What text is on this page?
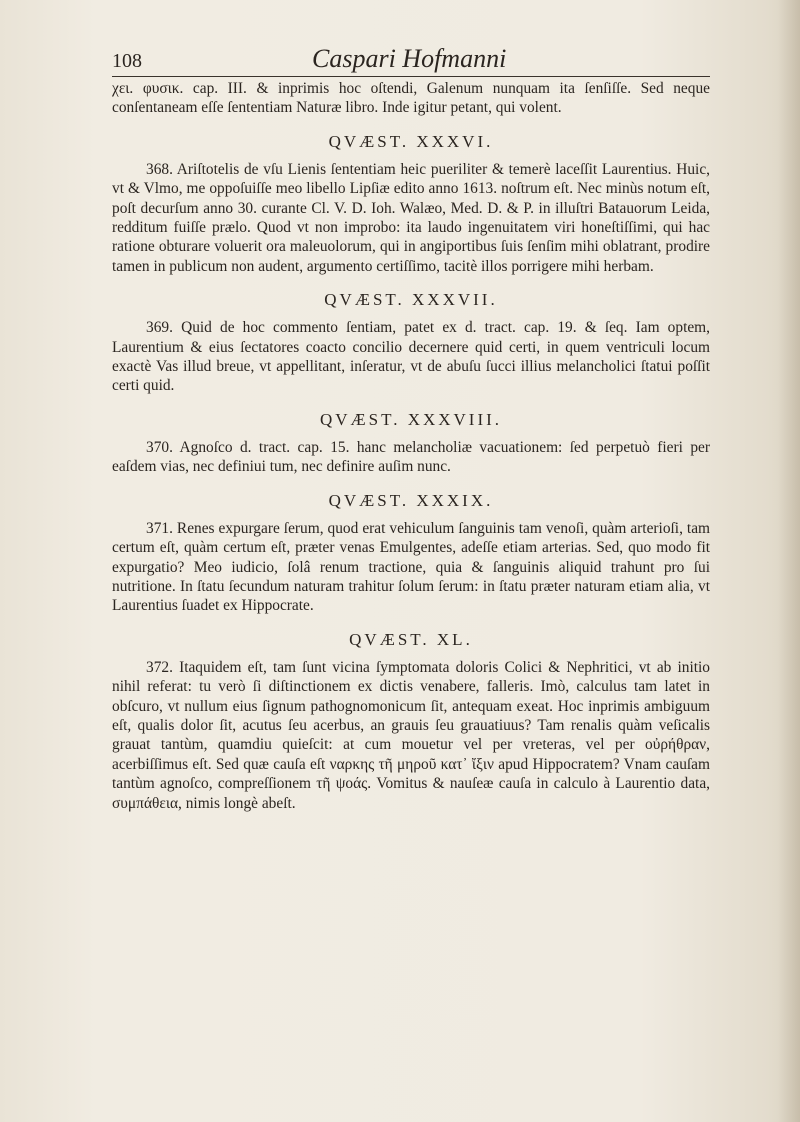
108	Caspari Hofmanni

χει. φυσικ. cap. III. & inprimis hoc oſtendi, Galenum nunquam ita ſenſiſſe. Sed neque conſentaneam eſſe ſententiam Naturæ libro. Inde igitur petant, qui volent.

QVÆST. XXXVI.

368. Ariſtotelis de vſu Lienis ſententiam heic pueriliter & temerè laceſſit Laurentius. Huic, vt & Vlmo, me oppoſuiſſe meo libello Lipſiæ edito anno 1613. noſtrum eſt. Nec minùs notum eſt, poſt decurſum anno 30. curante Cl. V. D. Ioh. Walæo, Med. D. & P. in illuſtri Batauorum Leida, redditum fuiſſe prælo. Quod vt non improbo: ita laudo ingenuitatem viri honeſtiſſimi, qui hac ratione obturare voluerit ora maleuolorum, qui in angiportibus ſuis ſenſim mihi oblatrant, prodire tamen in publicum non audent, argumento certiſſimo, tacitè illos porrigere mihi herbam.

QVÆST. XXXVII.

369. Quid de hoc commento ſentiam, patet ex d. tract. cap. 19. & ſeq. Iam optem, Laurentium & eius ſectatores coacto concilio decernere quid certi, in quem ventriculi locum exactè Vas illud breue, vt appellitant, inſeratur, vt de abuſu ſucci illius melancholici ſtatui poſſit certi quid.

QVÆST. XXXVIII.

370. Agnoſco d. tract. cap. 15. hanc melancholiæ vacuationem: ſed perpetuò fieri per eaſdem vias, nec definiui tum, nec definire auſim nunc.

QVÆST. XXXIX.

371. Renes expurgare ſerum, quod erat vehiculum ſanguinis tam venoſi, quàm arterioſi, tam certum eſt, quàm certum eſt, præter venas Emulgentes, adeſſe etiam arterias. Sed, quo modo fit expurgatio? Meo iudicio, ſolâ renum tractione, quia & ſanguinis aliquid trahunt pro ſui nutritione. In ſtatu ſecundum naturam trahitur ſolum ſerum: in ſtatu præter naturam etiam alia, vt Laurentius ſuadet ex Hippocrate.

QVÆST. XL.

372. Itaquidem eſt, tam ſunt vicina ſymptomata doloris Colici & Nephritici, vt ab initio nihil referat: tu verò ſi diſtinctionem ex dictis venabere, falleris. Imò, calculus tam latet in obſcuro, vt nullum eius ſignum pathognomonicum ſit, antequam exeat. Hoc inprimis ambiguum eſt, qualis dolor ſit, acutus ſeu acerbus, an grauis ſeu grauatiuus? Tam renalis quàm veſicalis grauat tantùm, quamdiu quieſcit: at cum mouetur vel per vreteras, vel per οὐρήθραν, acerbiſſimus eſt. Sed quæ cauſa eſt ναρκης τῆ μηροῦ κατ᾽ ἴξιν apud Hippocratem? Vnam cauſam tantùm agnoſco, compreſſionem τῆ ψοάς. Vomitus & nauſeæ cauſa in calculo à Laurentio data, συμπάθεια, nimis longè abeſt.
